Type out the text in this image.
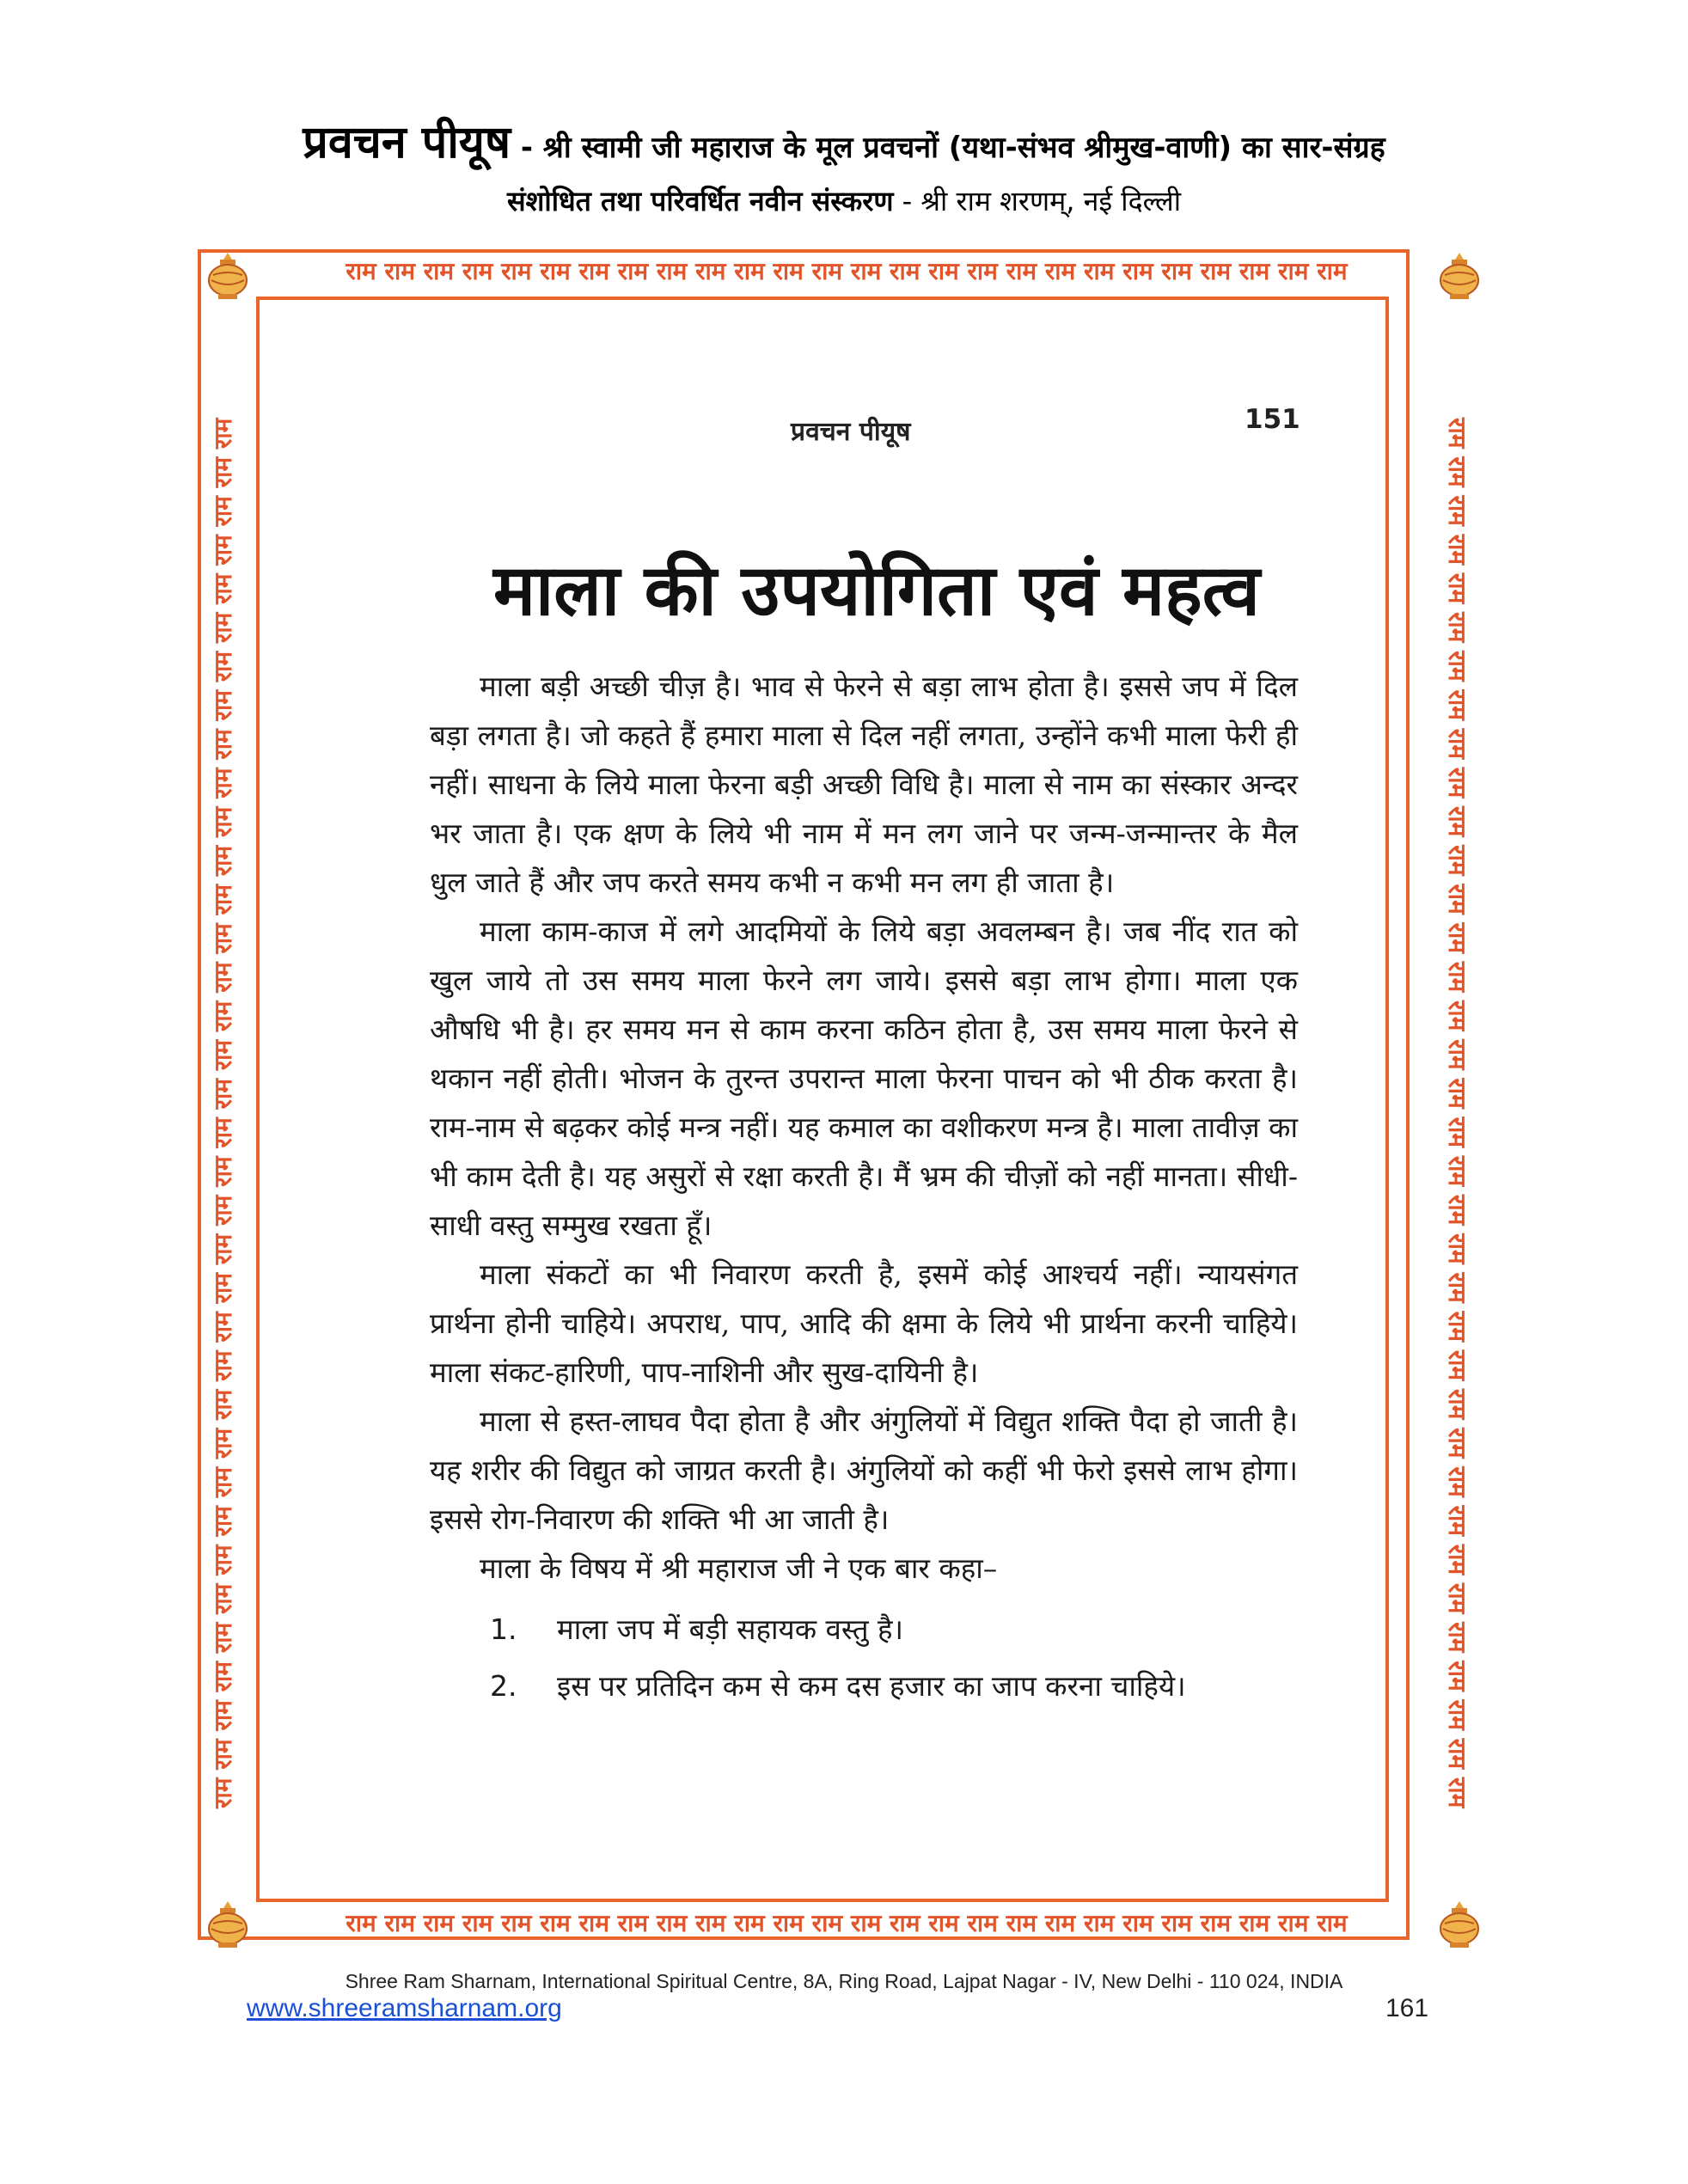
प्रवचन पीयूष - श्री स्वामी जी महाराज के मूल प्रवचनों (यथा-संभव श्रीमुख-वाणी) का सार-संग्रह
संशोधित तथा परिवर्धित नवीन संस्करण - श्री राम शरणम्, नई दिल्ली
राम राम राम राम राम राम राम राम राम राम राम राम राम राम राम राम राम राम राम राम राम राम राम राम राम राम
राम राम राम राम राम राम राम राम राम राम राम राम राम राम राम राम राम राम राम राम राम राम राम राम राम राम
राम राम राम राम राम राम राम राम राम राम राम राम राम राम राम राम राम राम राम राम राम राम राम राम राम राम राम राम राम राम राम राम राम राम राम राम	राम राम राम राम राम राम राम राम राम राम राम राम राम राम राम राम राम राम राम राम राम राम राम राम राम राम राम राम राम राम राम राम राम राम राम राम
प्रवचन पीयूष	151
माला की उपयोगिता एवं महत्व

माला बड़ी अच्छी चीज़ है। भाव से फेरने से बड़ा लाभ होता है। इससे जप में दिल बड़ा लगता है। जो कहते हैं हमारा माला से दिल नहीं लगता, उन्होंने कभी माला फेरी ही नहीं। साधना के लिये माला फेरना बड़ी अच्छी विधि है। माला से नाम का संस्कार अन्दर भर जाता है। एक क्षण के लिये भी नाम में मन लग जाने पर जन्म-जन्मान्तर के मैल धुल जाते हैं और जप करते समय कभी न कभी मन लग ही जाता है।

माला काम-काज में लगे आदमियों के लिये बड़ा अवलम्बन है। जब नींद रात को खुल जाये तो उस समय माला फेरने लग जाये। इससे बड़ा लाभ होगा। माला एक औषधि भी है। हर समय मन से काम करना कठिन होता है, उस समय माला फेरने से थकान नहीं होती। भोजन के तुरन्त उपरान्त माला फेरना पाचन को भी ठीक करता है। राम-नाम से बढ़कर कोई मन्त्र नहीं। यह कमाल का वशीकरण मन्त्र है। माला तावीज़ का भी काम देती है। यह असुरों से रक्षा करती है। मैं भ्रम की चीज़ों को नहीं मानता। सीधी-साधी वस्तु सम्मुख रखता हूँ।

माला संकटों का भी निवारण करती है, इसमें कोई आश्चर्य नहीं। न्यायसंगत प्रार्थना होनी चाहिये। अपराध, पाप, आदि की क्षमा के लिये भी प्रार्थना करनी चाहिये। माला संकट-हारिणी, पाप-नाशिनी और सुख-दायिनी है।

माला से हस्त-लाघव पैदा होता है और अंगुलियों में विद्युत शक्ति पैदा हो जाती है। यह शरीर की विद्युत को जाग्रत करती है। अंगुलियों को कहीं भी फेरो इससे लाभ होगा। इससे रोग-निवारण की शक्ति भी आ जाती है।

माला के विषय में श्री महाराज जी ने एक बार कहा–

1. माला जप में बड़ी सहायक वस्तु है।
2. इस पर प्रतिदिन कम से कम दस हजार का जाप करना चाहिये।
Shree Ram Sharnam, International Spiritual Centre, 8A, Ring Road, Lajpat Nagar - IV, New Delhi - 110 024, INDIA
www.shreeramsharnam.org	161
